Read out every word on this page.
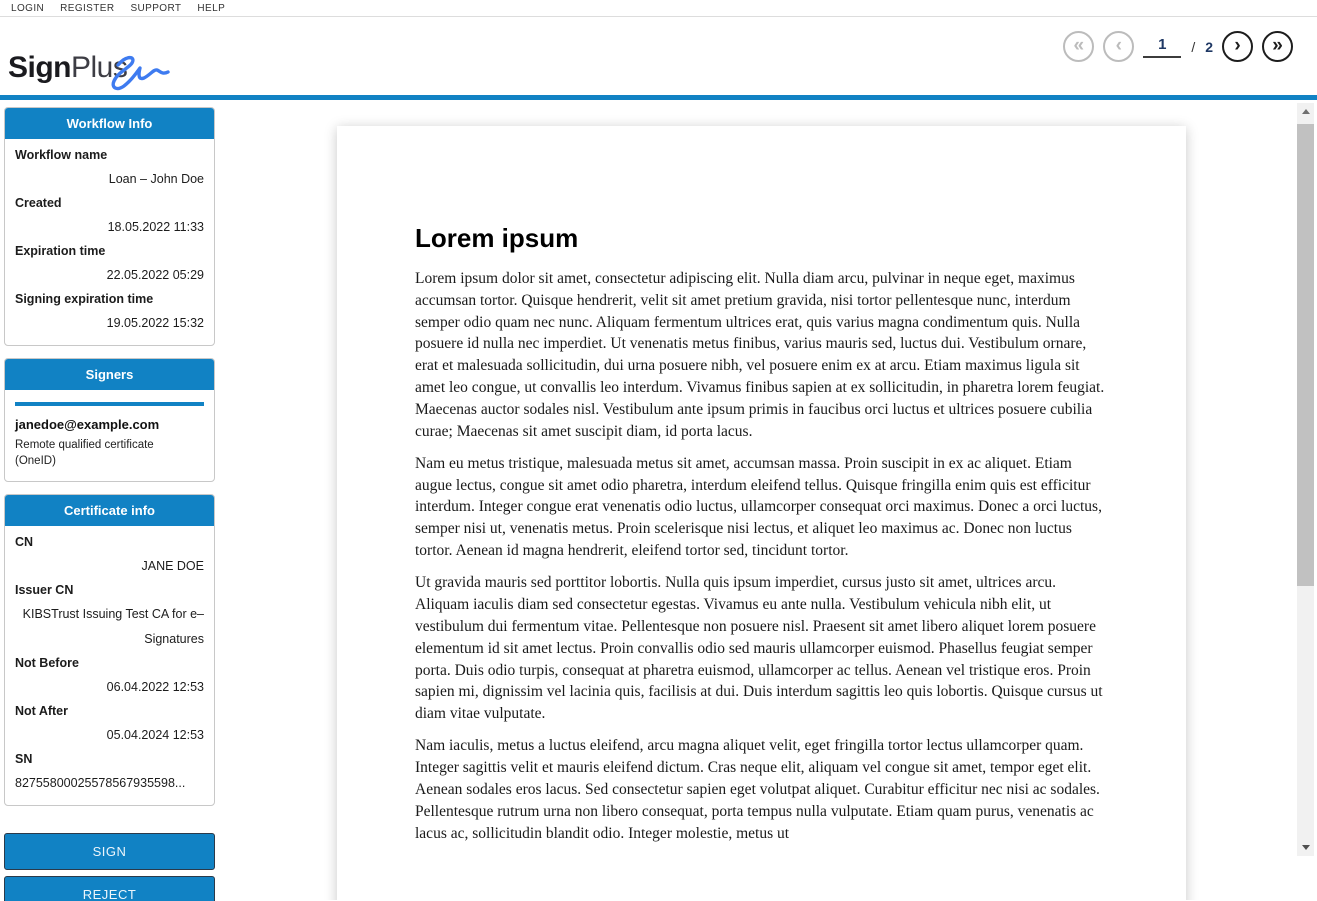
LOGIN REGISTER SUPPORT HELP
SignPlus
« ‹
1	/ 2 › »
Workflow Info
Workflow name
Loan – John Doe
Created
18.05.2022 11:33
Expiration time
22.05.2022 05:29
Signing expiration time
19.05.2022 15:32
Signers
janedoe@example.com
Remote qualified certificate (OneID)
Certificate info
CN
JANE DOE
Issuer CN
KIBSTrust Issuing Test CA for e–Signatures
Not Before
06.04.2022 12:53
Not After
05.04.2024 12:53
SN
82755800025578567935598...
SIGN
REJECT
Lorem ipsum

Lorem ipsum dolor sit amet, consectetur adipiscing elit. Nulla diam arcu, pulvinar in neque eget, maximus accumsan tortor. Quisque hendrerit, velit sit amet pretium gravida, nisi tortor pellentesque nunc, interdum semper odio quam nec nunc. Aliquam fermentum ultrices erat, quis varius magna condimentum quis. Nulla posuere id nulla nec imperdiet. Ut venenatis metus finibus, varius mauris sed, luctus dui. Vestibulum ornare, erat et malesuada sollicitudin, dui urna posuere nibh, vel posuere enim ex at arcu. Etiam maximus ligula sit amet leo congue, ut convallis leo interdum. Vivamus finibus sapien at ex sollicitudin, in pharetra lorem feugiat. Maecenas auctor sodales nisl. Vestibulum ante ipsum primis in faucibus orci luctus et ultrices posuere cubilia curae; Maecenas sit amet suscipit diam, id porta lacus.

Nam eu metus tristique, malesuada metus sit amet, accumsan massa. Proin suscipit in ex ac aliquet. Etiam augue lectus, congue sit amet odio pharetra, interdum eleifend tellus. Quisque fringilla enim quis est efficitur interdum. Integer congue erat venenatis odio luctus, ullamcorper consequat orci maximus. Donec a orci luctus, semper nisi ut, venenatis metus. Proin scelerisque nisi lectus, et aliquet leo maximus ac. Donec non luctus tortor. Aenean id magna hendrerit, eleifend tortor sed, tincidunt tortor.

Ut gravida mauris sed porttitor lobortis. Nulla quis ipsum imperdiet, cursus justo sit amet, ultrices arcu. Aliquam iaculis diam sed consectetur egestas. Vivamus eu ante nulla. Vestibulum vehicula nibh elit, ut vestibulum dui fermentum vitae. Pellentesque non posuere nisl. Praesent sit amet libero aliquet lorem posuere elementum id sit amet lectus. Proin convallis odio sed mauris ullamcorper euismod. Phasellus feugiat semper porta. Duis odio turpis, consequat at pharetra euismod, ullamcorper ac tellus. Aenean vel tristique eros. Proin sapien mi, dignissim vel lacinia quis, facilisis at dui. Duis interdum sagittis leo quis lobortis. Quisque cursus ut diam vitae vulputate.

Nam iaculis, metus a luctus eleifend, arcu magna aliquet velit, eget fringilla tortor lectus ullamcorper quam. Integer sagittis velit et mauris eleifend dictum. Cras neque elit, aliquam vel congue sit amet, tempor eget elit. Aenean sodales eros lacus. Sed consectetur sapien eget volutpat aliquet. Curabitur efficitur nec nisi ac sodales. Pellentesque rutrum urna non libero consequat, porta tempus nulla vulputate. Etiam quam purus, venenatis ac lacus ac, sollicitudin blandit odio. Integer molestie, metus ut
